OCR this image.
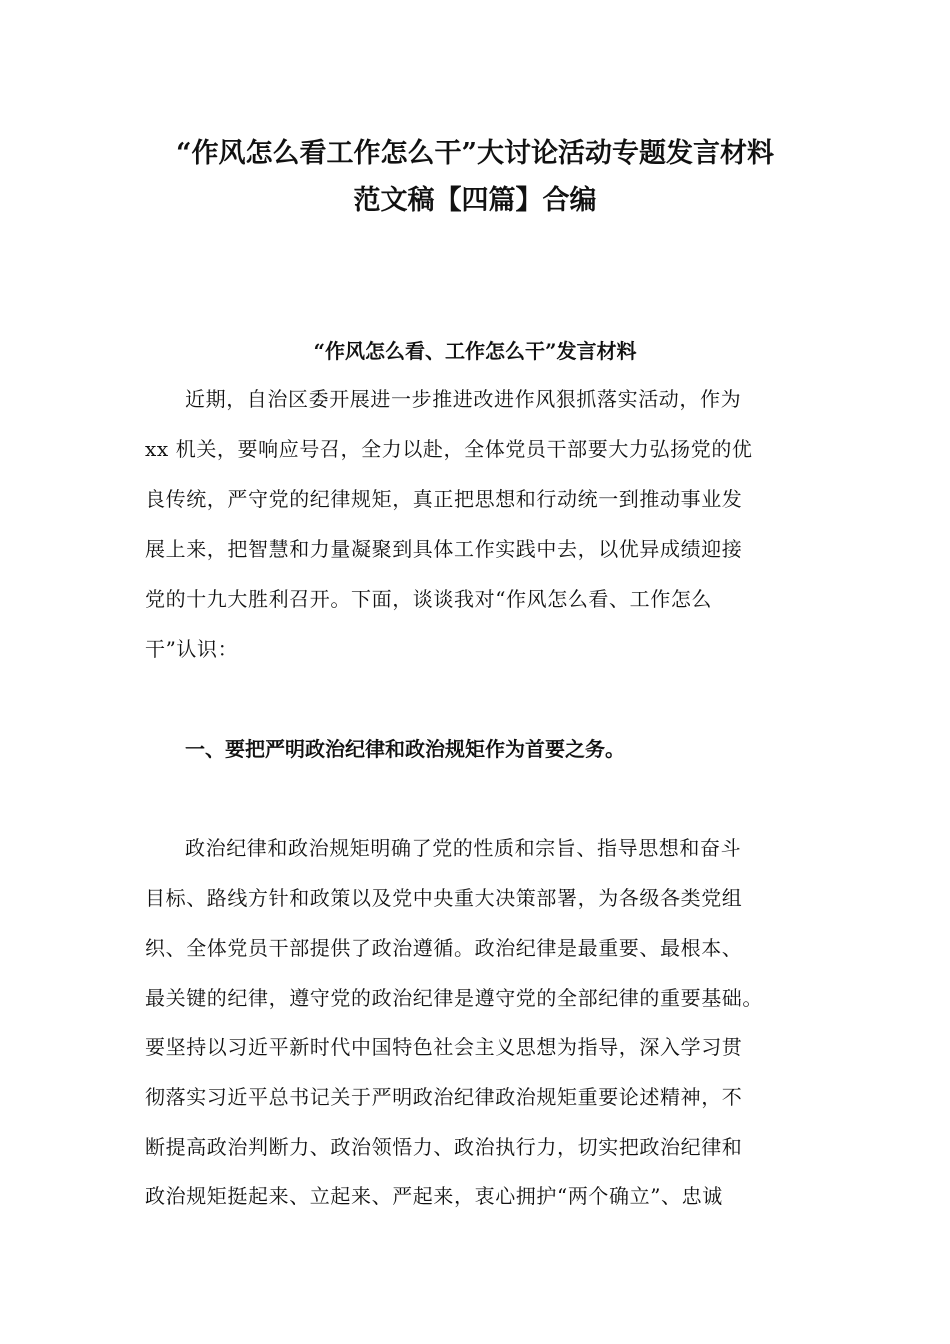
“作风怎么看工作怎么干”大讨论活动专题发言材料
范文稿【四篇】合编
“作风怎么看、工作怎么干”发言材料

近期，自治区委开展进一步推进改进作风狠抓落实活动，作为

xx 机关，要响应号召，全力以赴，全体党员干部要大力弘扬党的优

良传统，严守党的纪律规矩，真正把思想和行动统一到推动事业发

展上来，把智慧和力量凝聚到具体工作实践中去，以优异成绩迎接

党的十九大胜利召开。下面，谈谈我对“作风怎么看、工作怎么

干”认识：

一、要把严明政治纪律和政治规矩作为首要之务。

政治纪律和政治规矩明确了党的性质和宗旨、指导思想和奋斗

目标、路线方针和政策以及党中央重大决策部署，为各级各类党组

织、全体党员干部提供了政治遵循。政治纪律是最重要、最根本、

最关键的纪律，遵守党的政治纪律是遵守党的全部纪律的重要基础。

要坚持以习近平新时代中国特色社会主义思想为指导，深入学习贯

彻落实习近平总书记关于严明政治纪律政治规矩重要论述精神，不

断提高政治判断力、政治领悟力、政治执行力，切实把政治纪律和

政治规矩挺起来、立起来、严起来，衷心拥护“两个确立”、忠诚
